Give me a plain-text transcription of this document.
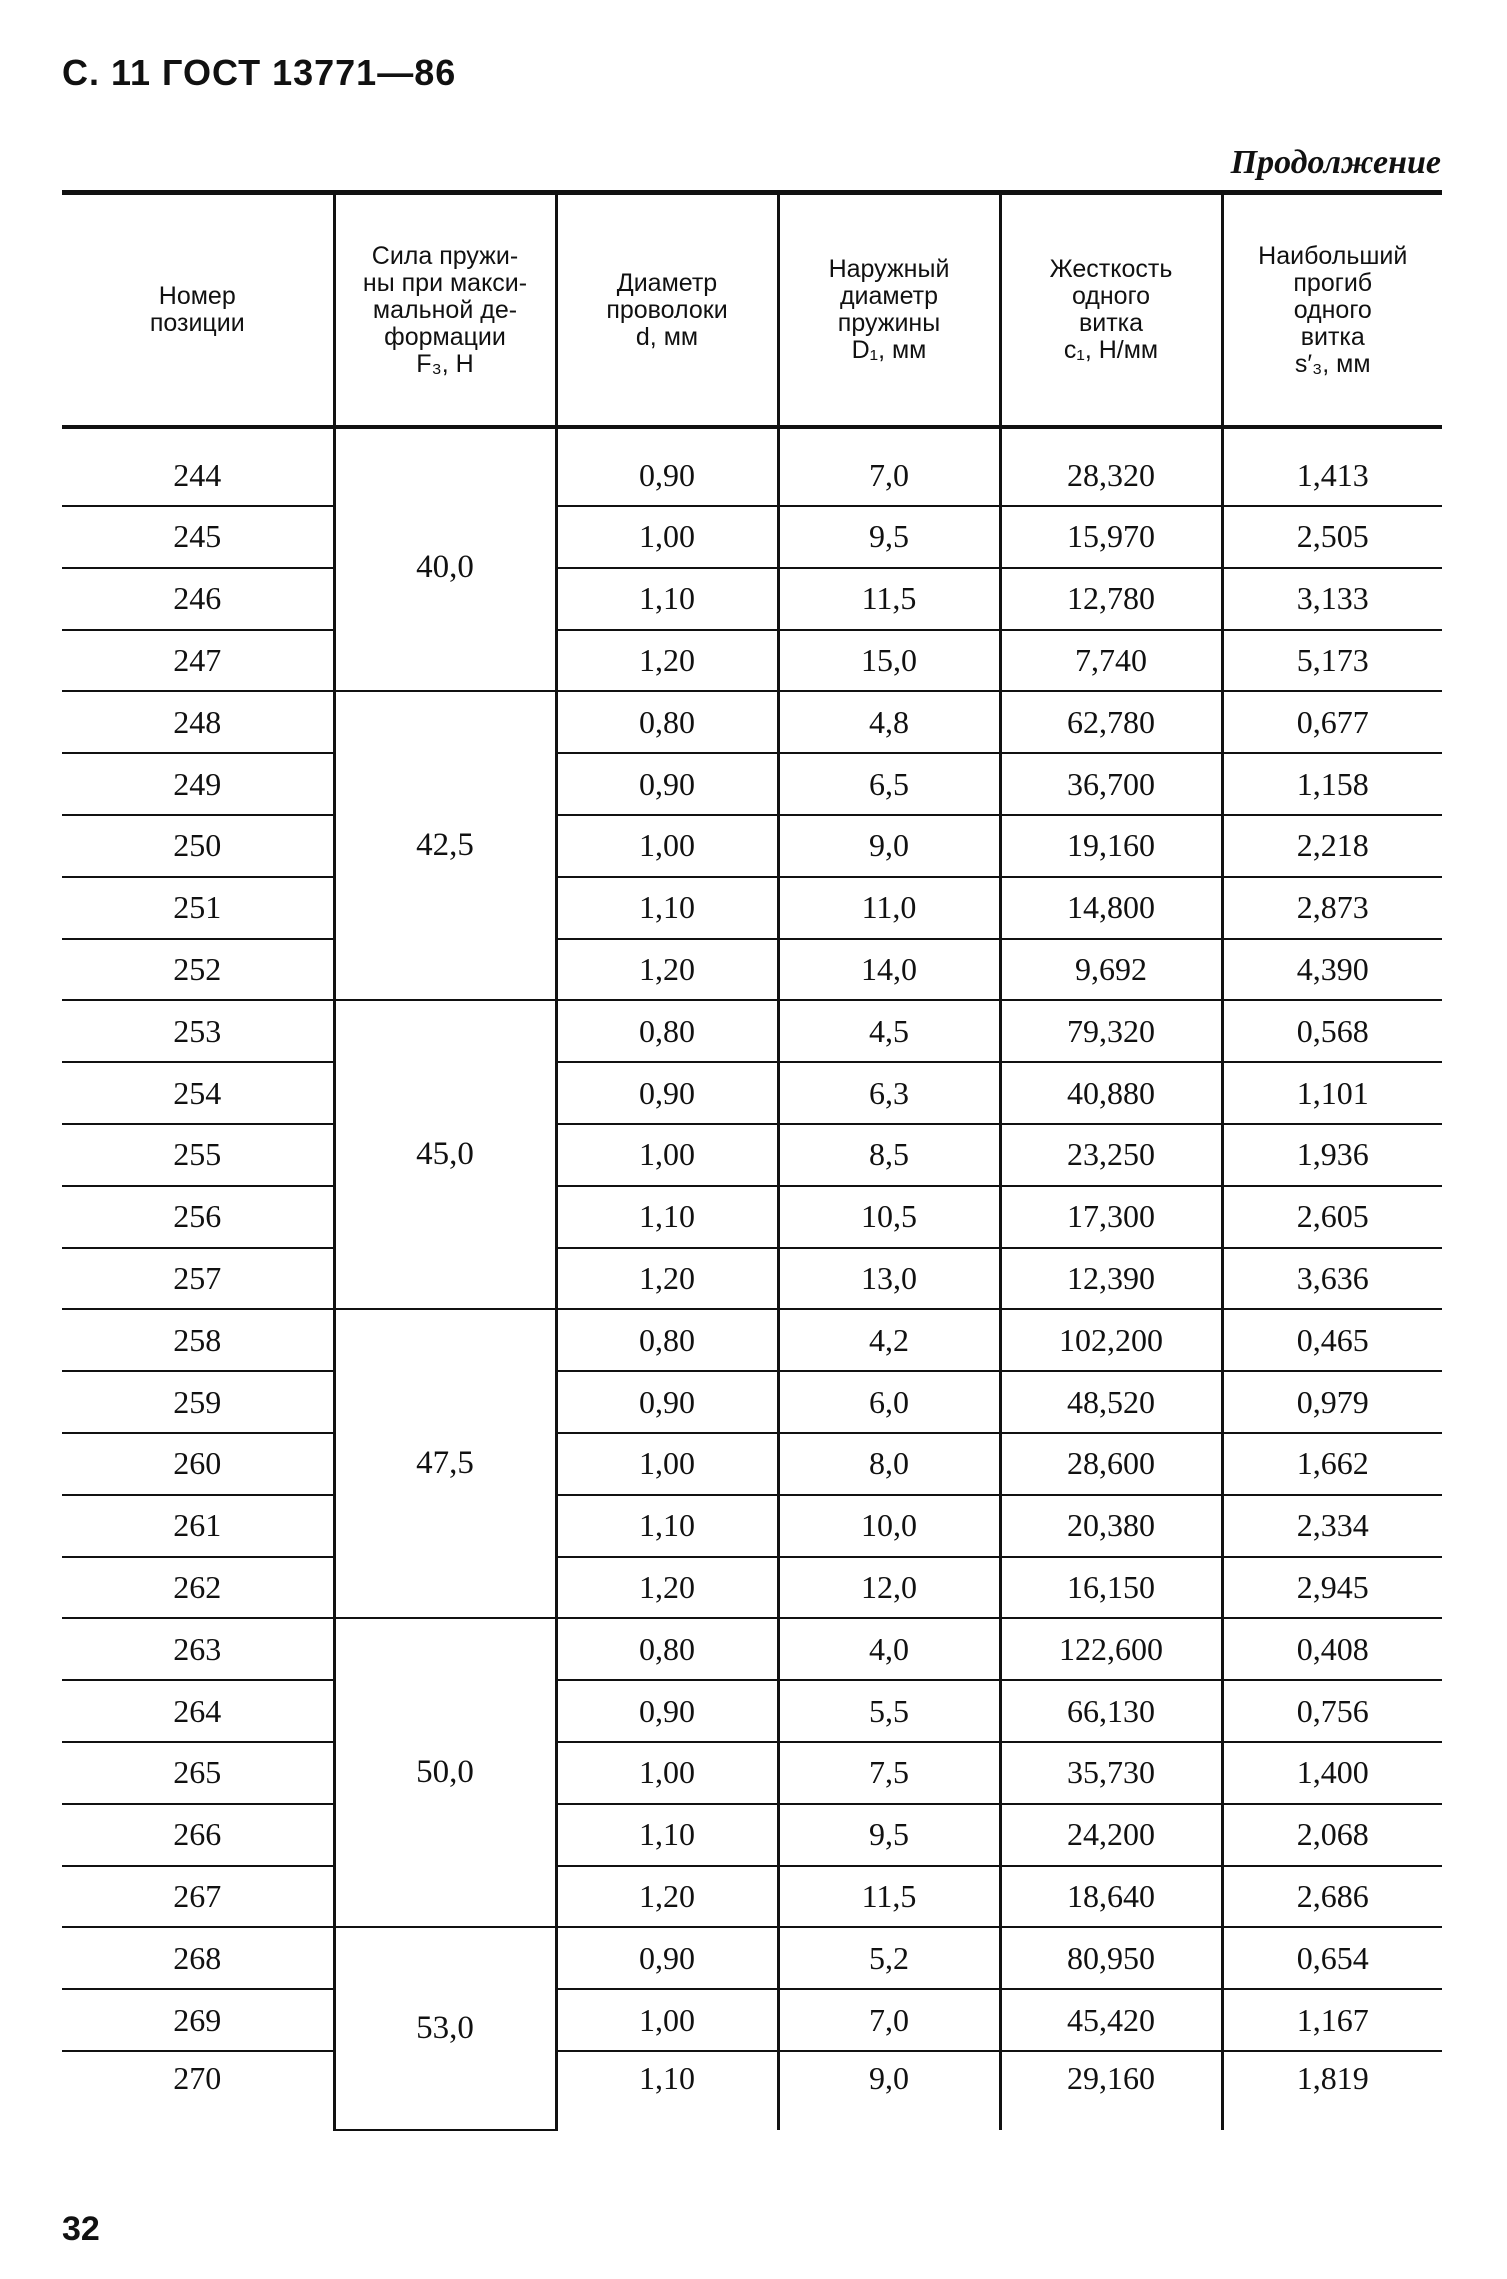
С. 11 ГОСТ 13771—86
Продолжение
Номер
позиции	Сила пружи-
ны при макси-
мальной де-
формации
F₃, Н	Диаметр
проволоки
d, мм	Наружный
диаметр
пружины
D₁, мм	Жесткость
одного
витка
c₁, Н/мм	Наибольший
прогиб
одного
витка
s′₃, мм
244	40,0	0,90	7,0	28,320	1,413
245		1,00	9,5	15,970	2,505
246		1,10	11,5	12,780	3,133
247		1,20	15,0	7,740	5,173
248	42,5	0,80	4,8	62,780	0,677
249		0,90	6,5	36,700	1,158
250		1,00	9,0	19,160	2,218
251		1,10	11,0	14,800	2,873
252		1,20	14,0	9,692	4,390
253	45,0	0,80	4,5	79,320	0,568
254		0,90	6,3	40,880	1,101
255		1,00	8,5	23,250	1,936
256		1,10	10,5	17,300	2,605
257		1,20	13,0	12,390	3,636
258	47,5	0,80	4,2	102,200	0,465
259		0,90	6,0	48,520	0,979
260		1,00	8,0	28,600	1,662
261		1,10	10,0	20,380	2,334
262		1,20	12,0	16,150	2,945
263	50,0	0,80	4,0	122,600	0,408
264		0,90	5,5	66,130	0,756
265		1,00	7,5	35,730	1,400
266		1,10	9,5	24,200	2,068
267		1,20	11,5	18,640	2,686
268	53,0	0,90	5,2	80,950	0,654
269		1,00	7,0	45,420	1,167
270		1,10	9,0	29,160	1,819
32
